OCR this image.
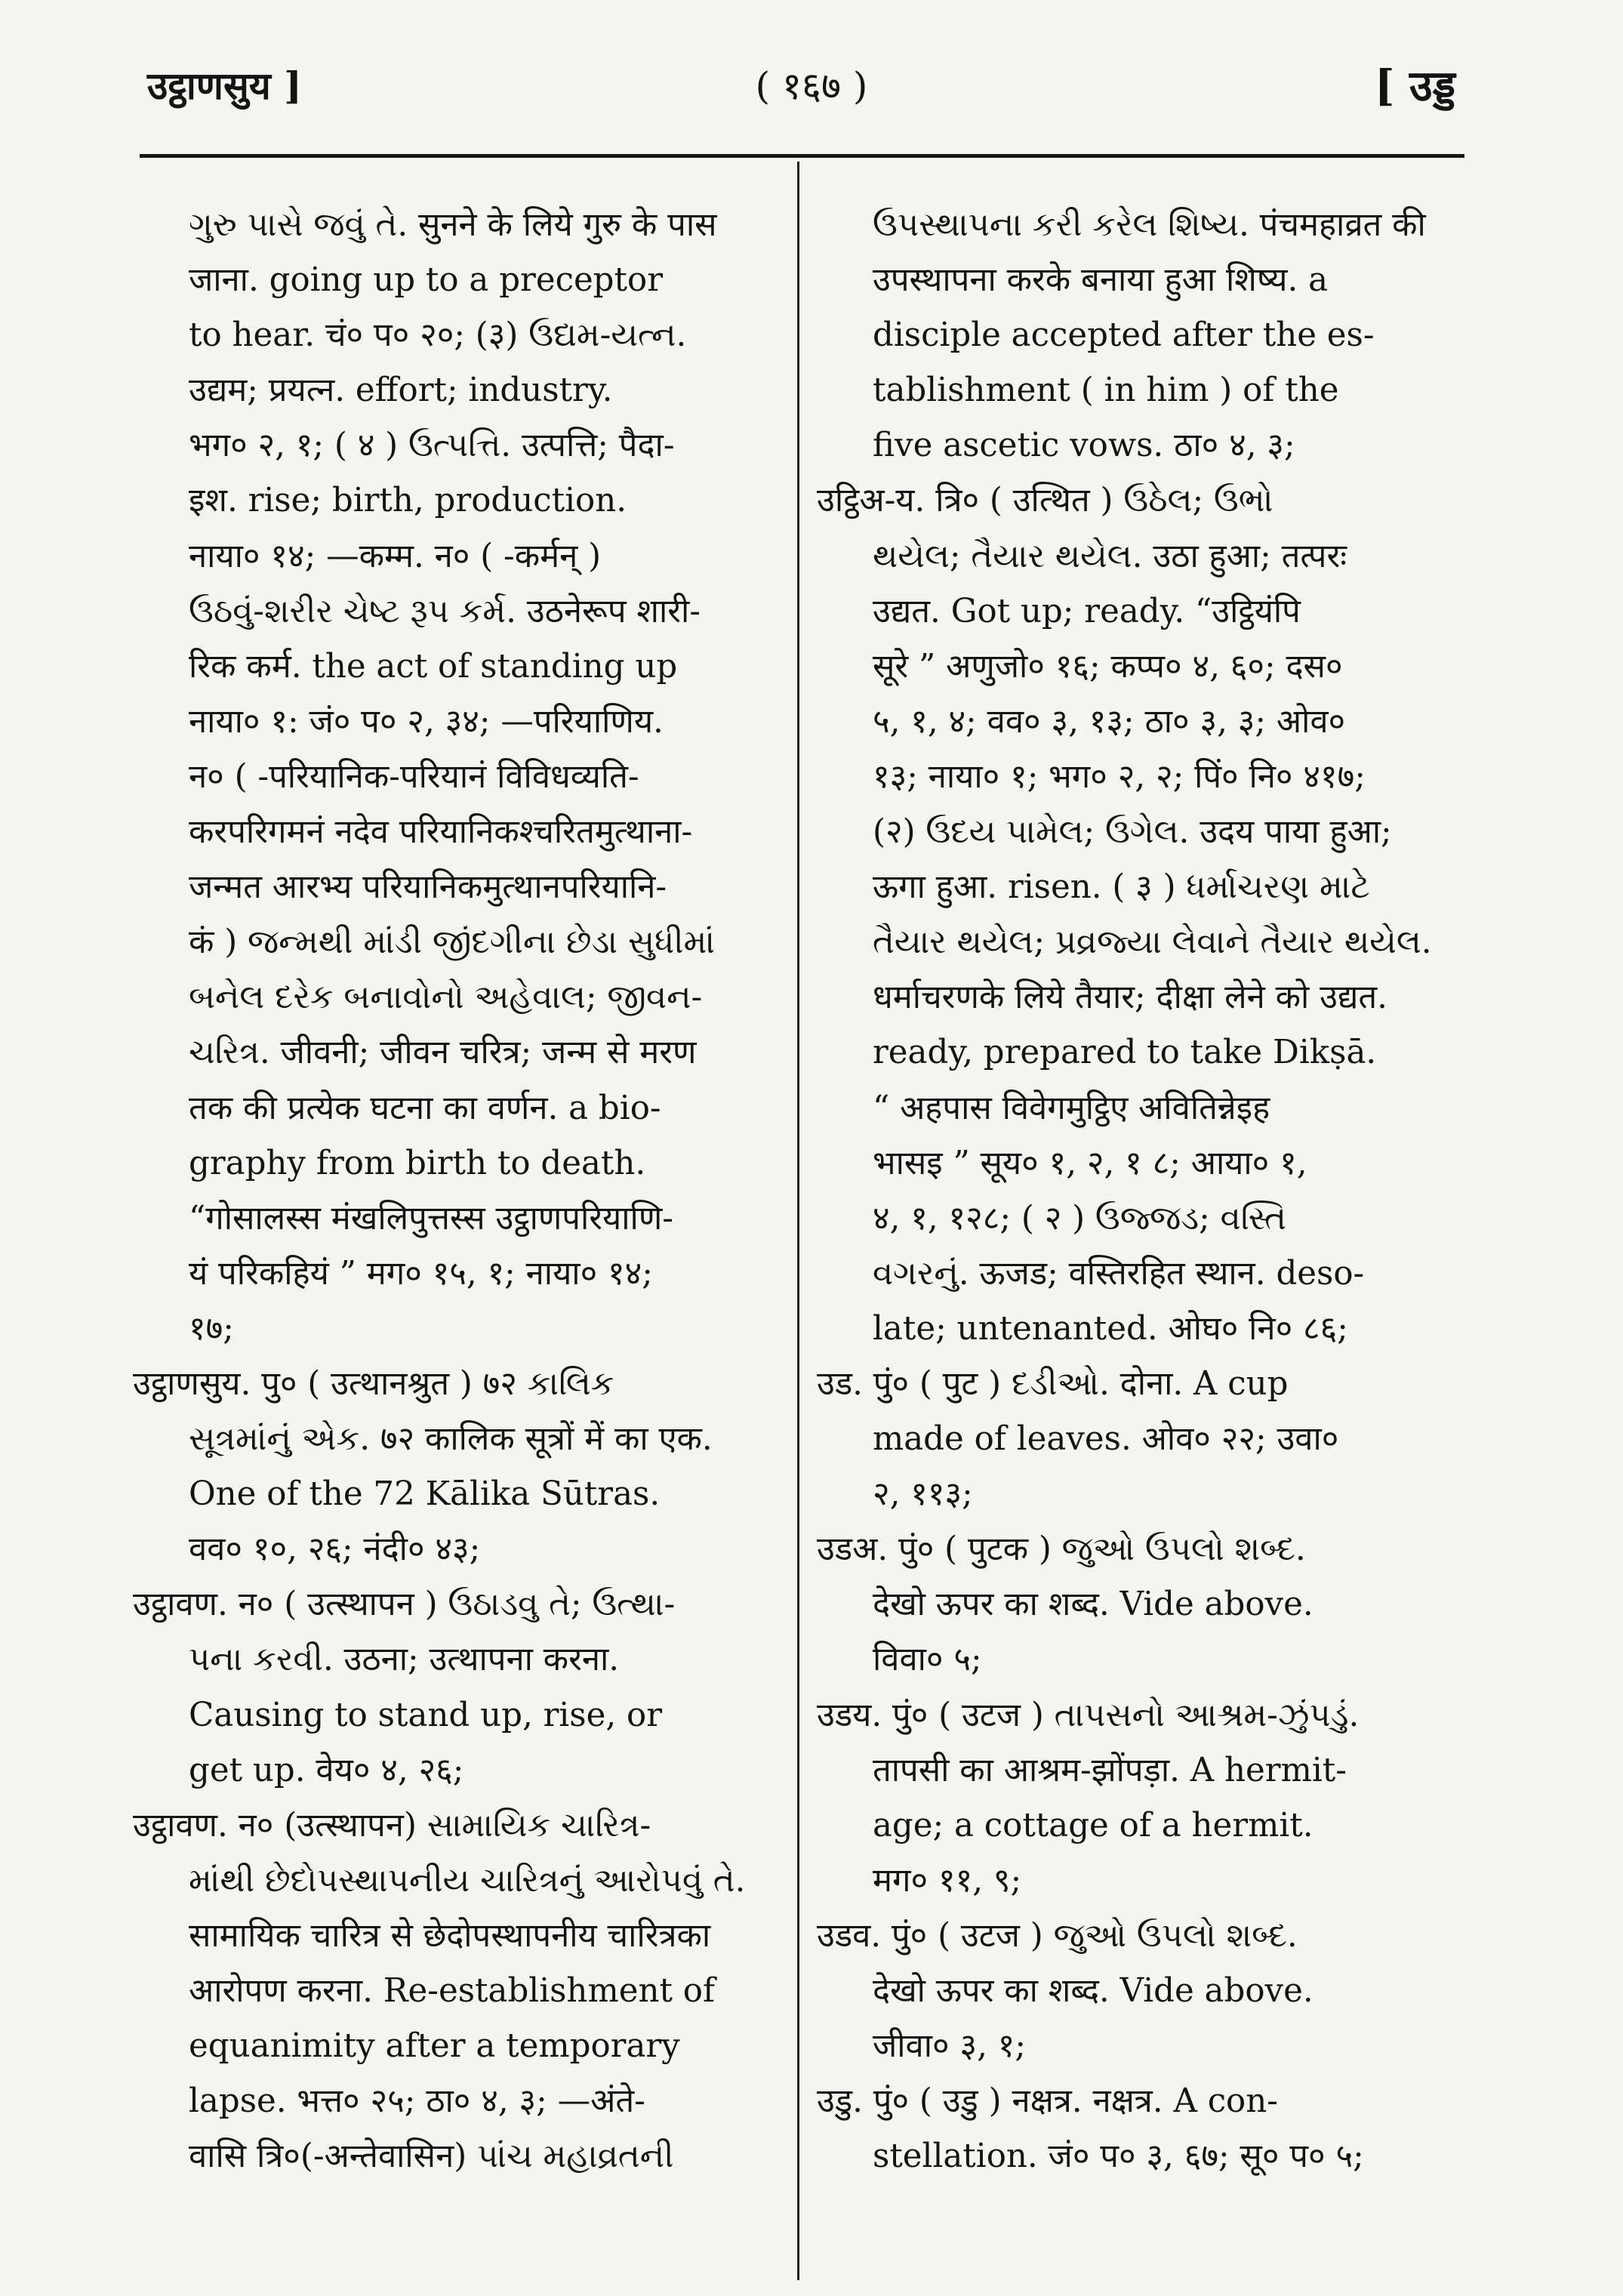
उट्ठाणसुय ]	( १६७ )	[ उड्ड
ગુરુ પાસે જવું તે. सुनने के लिये गुरु के पास
जाना. going up to a preceptor
to hear. चं० प० २०; (३) ઉદ્યમ-યત્ન.
उद्यम; प्रयत्न. effort; industry.
भग० २, १; ( ४ ) ઉત્પત્તિ. उत्पत्ति; पैदा-
इश. rise; birth, production.
नाया० १४; —कम्म. न० ( -कर्मन् )
ઉઠવું-શરીર ચેષ્ટ રૂપ કર્મ. उठनेरूप शारी-
रिक कर्म. the act of standing up
नाया० १: जं० प० २, ३४; —परियाणिय.
न० ( -परियानिक-परियानं विविधव्यति-
करपरिगमनं नदेव परियानिकश्चरितमुत्थाना-
जन्मत आरभ्य परियानिकमुत्थानपरियानि-
कं ) જન્મથી માંડી જીંદગીના છેડા સુધીમાં
બનેલ દરેક બનાવોનો અહેવાલ; જીવન-
ચરિત્ર. जीवनी; जीवन चरित्र; जन्म से मरण
तक की प्रत्येक घटना का वर्णन. a bio-
graphy from birth to death.
“गोसालस्स मंखलिपुत्तस्स उट्ठाणपरियाणि-
यं परिकहियं ” मग० १५, १; नाया० १४;
१७;
उट्ठाणसुय. पु० ( उत्थानश्रुत ) ७२ કાલિક
સૂત્રમાંનું એક. ७२ कालिक सूत्रों में का एक.
One of the 72 Kālika Sūtras.
वव० १०, २६; नंदी० ४३;
उट्ठावण. न० ( उत्स्थापन ) ઉઠાડવુ તે; ઉત્થા-
પના કરવી. उठना; उत्थापना करना.
Causing to stand up, rise, or
get up. वेय० ४, २६;
उट्ठावण. न० (उत्स्थापन) સામાયિક ચારિત્ર-
માંથી છેદોપસ્થાપનીય ચારિત્રનું આરોપવું તે.
सामायिक चारित्र से छेदोपस्थापनीय चारित्रका
आरोपण करना. Re-establishment of
equanimity after a temporary
lapse. भत्त० २५; ठा० ४, ३; —अंते-
वासि त्रि०(-अन्तेवासिन) પાંચ મહાવ્રતની
ઉપસ્થાપના કરી કરેલ શિષ્ય. पंचमहाव्रत की
उपस्थापना करके बनाया हुआ शिष्य. a
disciple accepted after the es-
tablishment ( in him ) of the
five ascetic vows. ठा० ४, ३;
उट्ठिअ-य. त्रि० ( उत्थित ) ઉઠેલ; ઉભો
થયેલ; તૈયાર થયેલ. उठा हुआ; तत्परः
उद्यत. Got up; ready. “उट्ठियंपि
सूरे ” अणुजो० १६; कप्प० ४, ६०; दस०
५, १, ४; वव० ३, १३; ठा० ३, ३; ओव०
१३; नाया० १; भग० २, २; पिं० नि० ४१७;
(२) ઉદય પામેલ; ઉગેલ. उदय पाया हुआ;
ऊगा हुआ. risen. ( ३ ) ધર્માચરણ માટે
તૈયાર થયેલ; પ્રવ્રજ્યા લેવાને તૈયાર થયેલ.
धर्माचरणके लिये तैयार; दीक्षा लेने को उद्यत.
ready, prepared to take Dikṣā.
“ अहपास विवेगमुट्ठिए अवितिन्नेइह
भासइ ” सूय० १, २, १ ८; आया० १,
४, १, १२८; ( २ ) ઉજ્જડ; વસ્તિ
વગરનું. ऊजड; वस्तिरहित स्थान. deso-
late; untenanted. ओघ० नि० ८६;
उड. पुं० ( पुट ) દડીઓ. दोना. A cup
made of leaves. ओव० २२; उवा०
२, ११३;
उडअ. पुं० ( पुटक ) જુઓ ઉપલો શબ્દ.
देखो ऊपर का शब्द. Vide above.
विवा० ५;
उडय. पुं० ( उटज ) તાપસનો આશ્રમ-ઝુંપડું.
तापसी का आश्रम-झोंपड़ा. A hermit-
age; a cottage of a hermit.
मग० ११, ९;
उडव. पुं० ( उटज ) જુઓ ઉપલો શબ્દ.
देखो ऊपर का शब्द. Vide above.
जीवा० ३, १;
उडु. पुं० ( उडु ) नक्षत्र. नक्षत्र. A con-
stellation. जं० प० ३, ६७; सू० प० ५;
